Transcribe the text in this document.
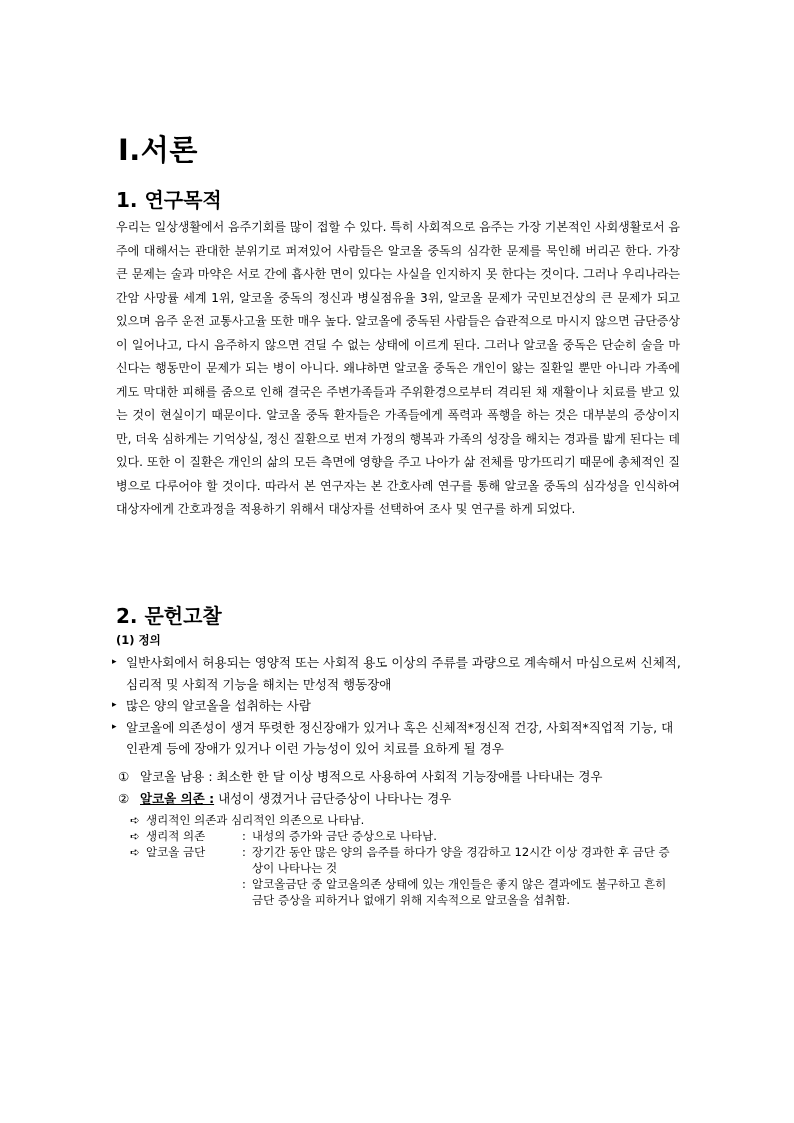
Ⅰ.서론
1. 연구목적
우리는 일상생활에서 음주기회를 많이 접할 수 있다. 특히 사회적으로 음주는 가장 기본적인 사회생활로서 음주에 대해서는 관대한 분위기로 퍼져있어 사람들은 알코올 중독의 심각한 문제를 묵인해 버리곤 한다. 가장 큰 문제는 술과 마약은 서로 간에 흡사한 면이 있다는 사실을 인지하지 못 한다는 것이다. 그러나 우리나라는 간암 사망률 세계 1위, 알코올 중독의 정신과 병실점유율 3위, 알코올 문제가 국민보건상의 큰 문제가 되고 있으며 음주 운전 교통사고율 또한 매우 높다. 알코올에 중독된 사람들은 습관적으로 마시지 않으면 금단증상이 일어나고, 다시 음주하지 않으면 견딜 수 없는 상태에 이르게 된다. 그러나 알코올 중독은 단순히 술을 마신다는 행동만이 문제가 되는 병이 아니다. 왜냐하면 알코올 중독은 개인이 앓는 질환일 뿐만 아니라 가족에게도 막대한 피해를 줌으로 인해 결국은 주변가족들과 주위환경으로부터 격리된 채 재활이나 치료를 받고 있는 것이 현실이기 때문이다. 알코올 중독 환자들은 가족들에게 폭력과 폭행을 하는 것은 대부분의 증상이지만, 더욱 심하게는 기억상실, 정신 질환으로 번져 가정의 행복과 가족의 성장을 해치는 경과를 밟게 된다는 데 있다. 또한 이 질환은 개인의 삶의 모든 측면에 영향을 주고 나아가 삶 전체를 망가뜨리기 때문에 총체적인 질병으로 다루어야 할 것이다. 따라서 본 연구자는 본 간호사례 연구를 통해 알코올 중독의 심각성을 인식하여 대상자에게 간호과정을 적용하기 위해서 대상자를 선택하여 조사 및 연구를 하게 되었다.
2. 문헌고찰
(1) 정의
▸ 일반사회에서 허용되는 영양적 또는 사회적 용도 이상의 주류를 과량으로 계속해서 마심으로써 신체적, 심리적 및 사회적 기능을 해치는 만성적 행동장애
▸ 많은 양의 알코올을 섭취하는 사람
▸ 알코올에 의존성이 생겨 뚜렷한 정신장애가 있거나 혹은 신체적*정신적 건강, 사회적*직업적 기능, 대인관계 등에 장애가 있거나 이런 가능성이 있어 치료를 요하게 될 경우
① 알코올 남용 :
최소한 한 달 이상 병적으로 사용하여 사회적 기능장애를 나타내는 경우
② 알코올 의존 :
내성이 생겼거나 금단증상이 나타나는 경우
➪ 생리적인 의존과 심리적인 의존으로 나타남.
➪ 생리적 의존	: 내성의 증가와 금단 증상으로 나타남.
➪ 알코올 금단	: 장기간 동안 많은 양의 음주를 하다가 양을 경감하고 12시간 이상 경과한 후 금단 증상이 나타나는 것
: 알코올금단 중 알코올의존 상태에 있는 개인들은 좋지 않은 결과에도 불구하고 흔히 금단 증상을 피하거나 없애기 위해 지속적으로 알코올을 섭취함.
